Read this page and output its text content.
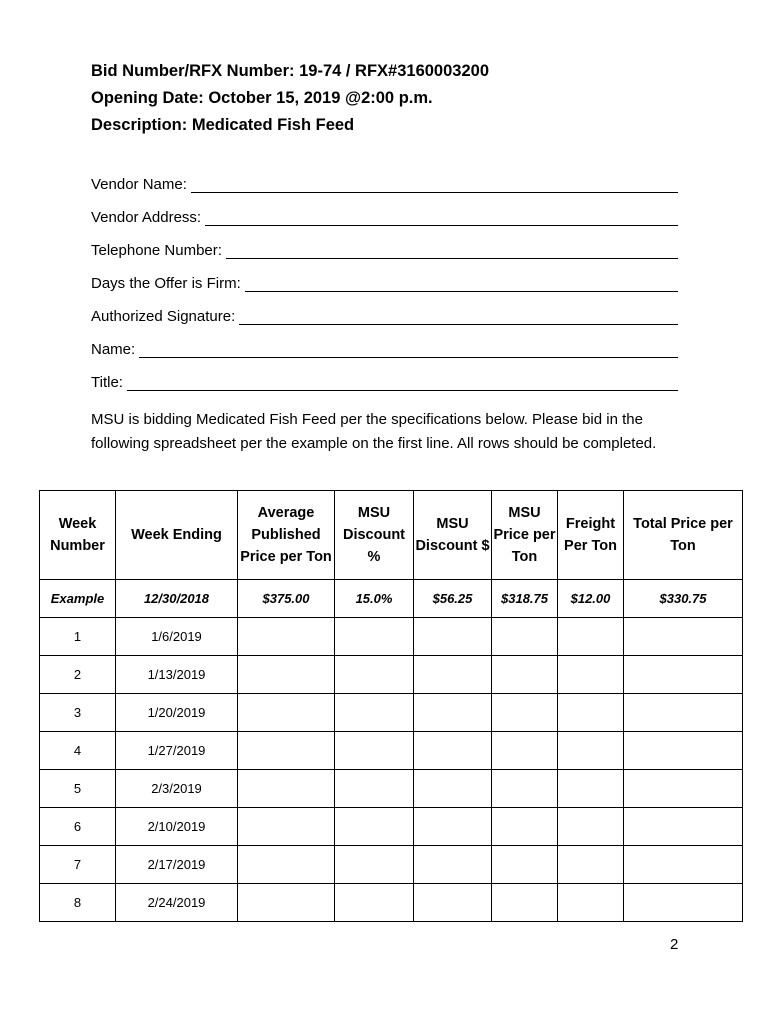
Bid Number/RFX Number: 19-74 / RFX#3160003200
Opening Date: October 15, 2019 @2:00 p.m.
Description: Medicated Fish Feed
Vendor Name:
Vendor Address:
Telephone Number:
Days the Offer is Firm:
Authorized Signature:
Name:
Title:
MSU is bidding Medicated Fish Feed per the specifications below. Please bid in the following spreadsheet per the example on the first line. All rows should be completed.
Week Number	Week Ending	Average Published Price per Ton	MSU Discount %	MSU Discount $	MSU Price per Ton	Freight Per Ton	Total Price per Ton
Example	12/30/2018	$375.00	15.0%	$56.25	$318.75	$12.00	$330.75
1	1/6/2019						
2	1/13/2019						
3	1/20/2019						
4	1/27/2019						
5	2/3/2019						
6	2/10/2019						
7	2/17/2019						
8	2/24/2019						
2
